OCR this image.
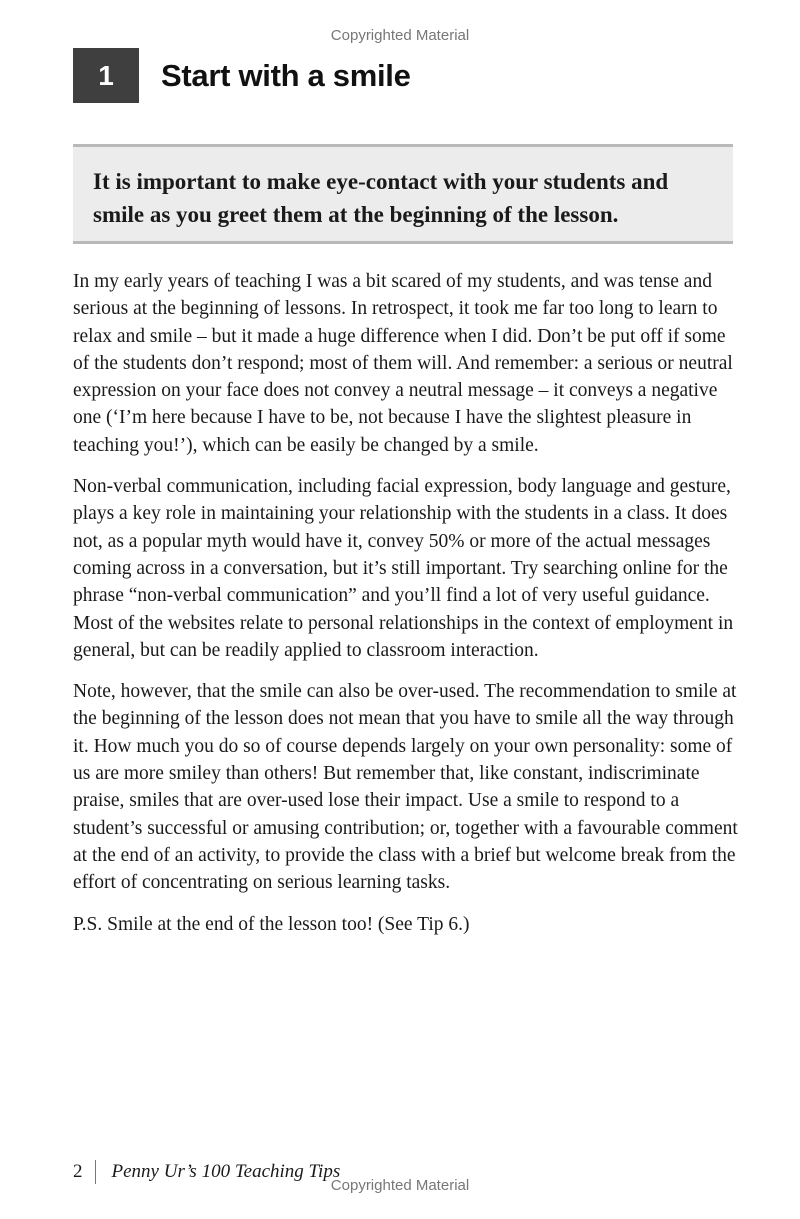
Copyrighted Material
1	Start with a smile
It is important to make eye-contact with your students and smile as you greet them at the beginning of the lesson.

In my early years of teaching I was a bit scared of my students, and was tense and serious at the beginning of lessons. In retrospect, it took me far too long to learn to relax and smile – but it made a huge difference when I did. Don’t be put off if some of the students don’t respond; most of them will. And remember: a serious or neutral expression on your face does not convey a neutral message – it conveys a negative one (‘I’m here because I have to be, not because I have the slightest pleasure in teaching you!’), which can be easily be changed by a smile.

Non-verbal communication, including facial expression, body language and gesture, plays a key role in maintaining your relationship with the students in a class. It does not, as a popular myth would have it, convey 50% or more of the actual messages coming across in a conversation, but it’s still important. Try searching online for the phrase “non-verbal communication” and you’ll find a lot of very useful guidance. Most of the websites relate to personal relationships in the context of employment in general, but can be readily applied to classroom interaction.

Note, however, that the smile can also be over-used. The recommendation to smile at the beginning of the lesson does not mean that you have to smile all the way through it. How much you do so of course depends largely on your own personality: some of us are more smiley than others! But remember that, like constant, indiscriminate praise, smiles that are over-used lose their impact. Use a smile to respond to a student’s successful or amusing contribution; or, together with a favourable comment at the end of an activity, to provide the class with a brief but welcome break from the effort of concentrating on serious learning tasks.

P.S. Smile at the end of the lesson too! (See Tip 6.)

2 Penny Ur’s 100 Teaching Tips
Copyrighted Material
